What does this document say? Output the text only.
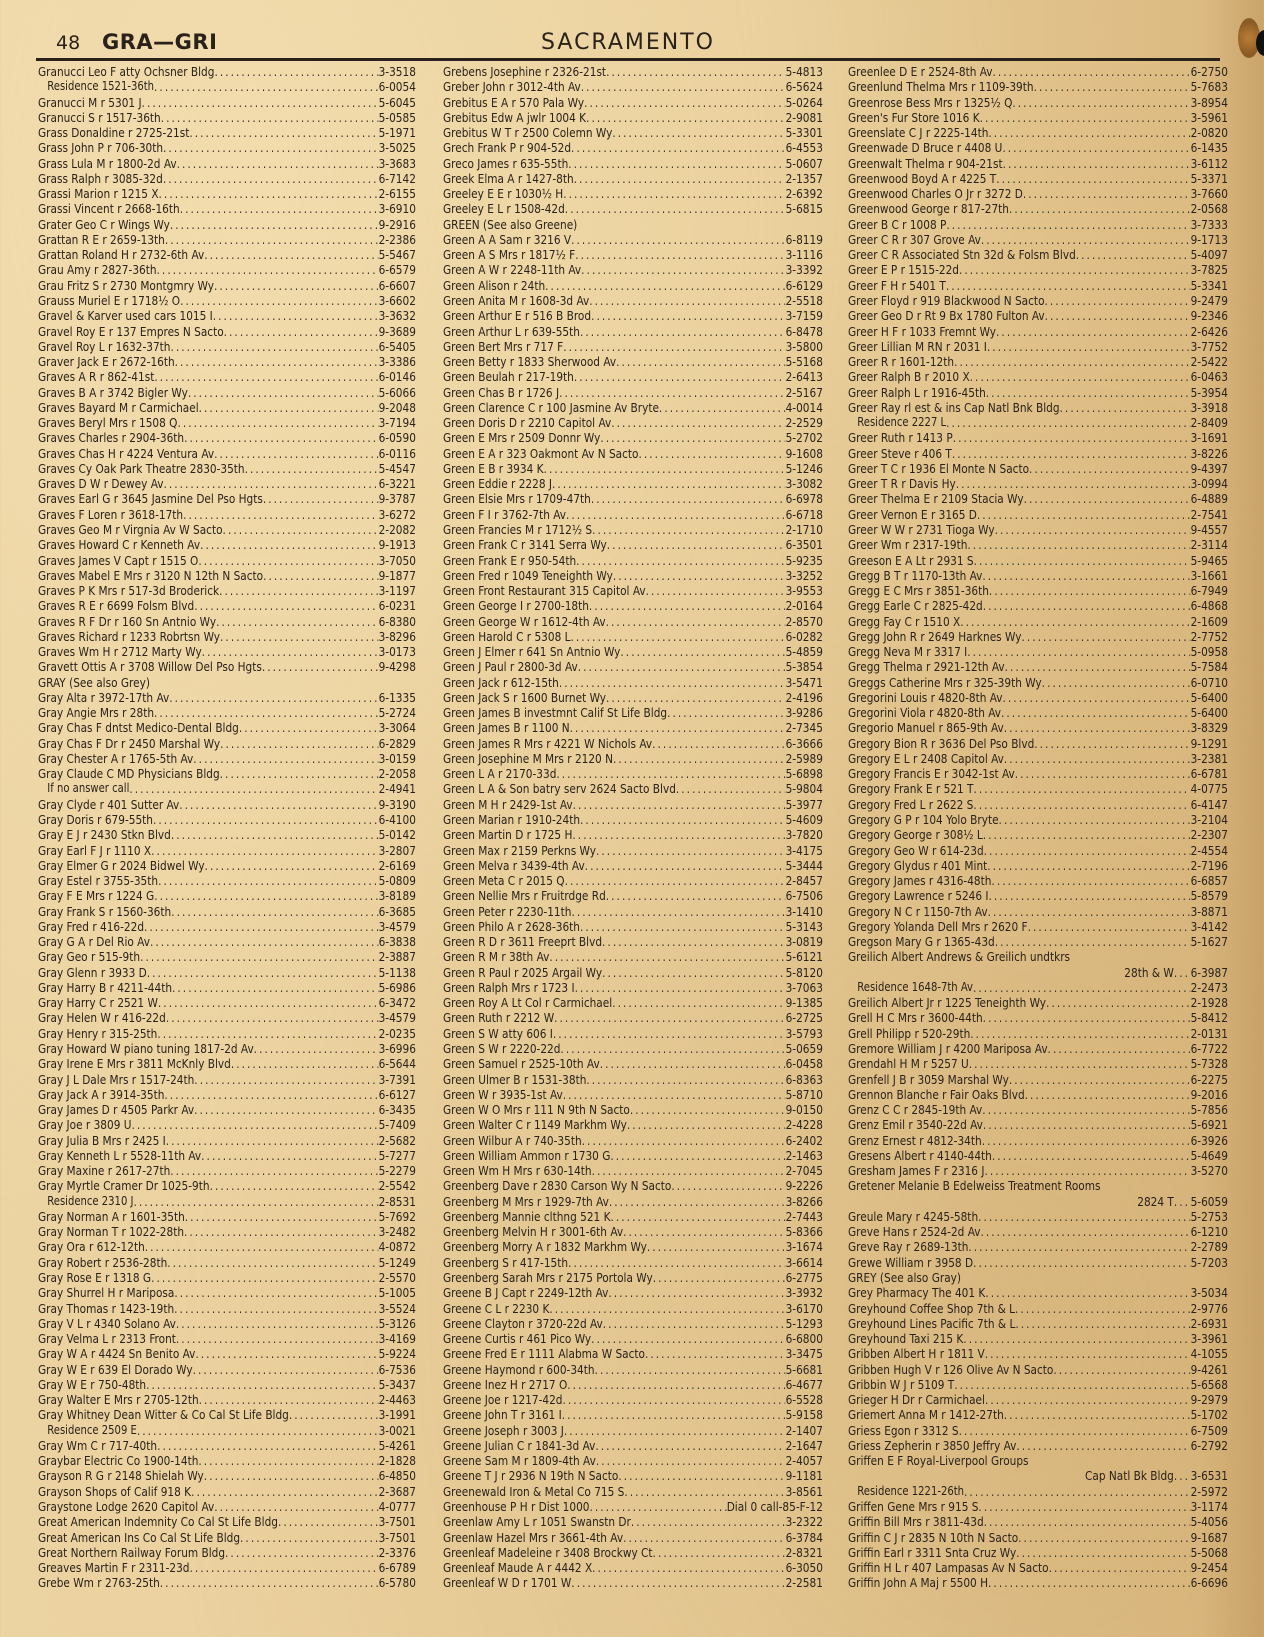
48 GRA—GRI	SACRAMENTO
Granucci Leo F atty Ochsner Bldg .....	3-3518
Residence 1521-36th .....	6-0054
Granucci M r 5301 J .....	5-6045
Granucci S r 1517-36th .....	5-0585
Grass Donaldine r 2725-21st .....	5-1971
Grass John P r 706-30th .....	3-5025
Grass Lula M r 1800-2d Av .....	3-3683
Grass Ralph r 3085-32d .....	6-7142
Grassi Marion r 1215 X .....	2-6155
Grassi Vincent r 2668-16th .....	3-6910
Grater Geo C r Wings Wy .....	9-2916
Grattan R E r 2659-13th .....	2-2386
Grattan Roland H r 2732-6th Av .....	5-5467
Grau Amy r 2827-36th .....	6-6579
Grau Fritz S r 2730 Montgmry Wy .....	6-6607
Grauss Muriel E r 1718½ O .....	3-6602
Gravel & Karver used cars 1015 I .....	3-3632
Gravel Roy E r 137 Empres N Sacto .....	9-3689
Gravel Roy L r 1632-37th .....	6-5405
Graver Jack E r 2672-16th .....	3-3386
Graves A R r 862-41st .....	6-0146
Graves B A r 3742 Bigler Wy .....	5-6066
Graves Bayard M r Carmichael .....	9-2048
Graves Beryl Mrs r 1508 Q .....	3-7194
Graves Charles r 2904-36th .....	6-0590
Graves Chas H r 4224 Ventura Av .....	6-0116
Graves Cy Oak Park Theatre 2830-35th .....	5-4547
Graves D W r Dewey Av .....	6-3221
Graves Earl G r 3645 Jasmine Del Pso Hgts .....	9-3787
Graves F Loren r 3618-17th .....	3-6272
Graves Geo M r Virgnia Av W Sacto .....	2-2082
Graves Howard C r Kenneth Av .....	9-1913
Graves James V Capt r 1515 O .....	3-7050
Graves Mabel E Mrs r 3120 N 12th N Sacto .....	9-1877
Graves P K Mrs r 517-3d Broderick .....	3-1197
Graves R E r 6699 Folsm Blvd .....	6-0231
Graves R F Dr r 160 Sn Antnio Wy .....	6-8380
Graves Richard r 1233 Robrtsn Wy .....	3-8296
Graves Wm H r 2712 Marty Wy .....	3-0173
Gravett Ottis A r 3708 Willow Del Pso Hgts .....	9-4298
GRAY (See also Grey)
Gray Alta r 3972-17th Av .....	6-1335
Gray Angie Mrs r 28th .....	5-2724
Gray Chas F dntst Medico-Dental Bldg .....	3-3064
Gray Chas F Dr r 2450 Marshal Wy .....	6-2829
Gray Chester A r 1765-5th Av .....	3-0159
Gray Claude C MD Physicians Bldg .....	2-2058
If no answer call .....	2-4941
Gray Clyde r 401 Sutter Av .....	9-3190
Gray Doris r 679-55th .....	6-4100
Gray E J r 2430 Stkn Blvd .....	5-0142
Gray Earl F J r 1110 X .....	3-2807
Gray Elmer G r 2024 Bidwel Wy .....	2-6169
Gray Estel r 3755-35th .....	5-0809
Gray F E Mrs r 1224 G .....	3-8189
Gray Frank S r 1560-36th .....	6-3685
Gray Fred r 416-22d .....	3-4579
Gray G A r Del Rio Av .....	6-3838
Gray Geo r 515-9th .....	2-3887
Gray Glenn r 3933 D .....	5-1138
Gray Harry B r 4211-44th .....	5-6986
Gray Harry C r 2521 W .....	6-3472
Gray Helen W r 416-22d .....	3-4579
Gray Henry r 315-25th .....	2-0235
Gray Howard W piano tuning 1817-2d Av .....	3-6996
Gray Irene E Mrs r 3811 McKnly Blvd .....	6-5644
Gray J L Dale Mrs r 1517-24th .....	3-7391
Gray Jack A r 3914-35th .....	6-6127
Gray James D r 4505 Parkr Av .....	6-3435
Gray Joe r 3809 U .....	5-7409
Gray Julia B Mrs r 2425 I .....	2-5682
Gray Kenneth L r 5528-11th Av .....	5-7277
Gray Maxine r 2617-27th .....	5-2279
Gray Myrtle Cramer Dr 1025-9th .....	2-5542
Residence 2310 J .....	2-8531
Gray Norman A r 1601-35th .....	5-7692
Gray Norman T r 1022-28th .....	3-2482
Gray Ora r 612-12th .....	4-0872
Gray Robert r 2536-28th .....	5-1249
Gray Rose E r 1318 G .....	2-5570
Gray Shurrel H r Mariposa .....	5-1005
Gray Thomas r 1423-19th .....	3-5524
Gray V L r 4340 Solano Av .....	5-3126
Gray Velma L r 2313 Front .....	3-4169
Gray W A r 4424 Sn Benito Av .....	5-9224
Gray W E r 639 El Dorado Wy .....	6-7536
Gray W E r 750-48th .....	5-3437
Gray Walter E Mrs r 2705-12th .....	2-4463
Gray Whitney Dean Witter & Co Cal St Life Bldg .....	3-1991
Residence 2509 E .....	3-0021
Gray Wm C r 717-40th .....	5-4261
Graybar Electric Co 1900-14th .....	2-1828
Grayson R G r 2148 Shielah Wy .....	6-4850
Grayson Shops of Calif 918 K .....	2-3687
Graystone Lodge 2620 Capitol Av .....	4-0777
Great American Indemnity Co Cal St Life Bldg .....	3-7501
Great American Ins Co Cal St Life Bldg .....	3-7501
Great Northern Railway Forum Bldg .....	2-3376
Greaves Martin F r 2311-23d .....	6-6789
Grebe Wm r 2763-25th .....	6-5780
Grebens Josephine r 2326-21st .....	5-4813
Greber John r 3012-4th Av .....	6-5624
Grebitus E A r 570 Pala Wy .....	5-0264
Grebitus Edw A jwlr 1004 K .....	2-9081
Grebitus W T r 2500 Colemn Wy .....	5-3301
Grech Frank P r 904-52d .....	6-4553
Greco James r 635-55th .....	5-0607
Greek Elma A r 1427-8th .....	2-1357
Greeley E E r 1030½ H .....	2-6392
Greeley E L r 1508-42d .....	5-6815
GREEN (See also Greene)
Green A A Sam r 3216 V .....	6-8119
Green A S Mrs r 1817½ F .....	3-1116
Green A W r 2248-11th Av .....	3-3392
Green Alison r 24th .....	6-6129
Green Anita M r 1608-3d Av .....	2-5518
Green Arthur E r 516 B Brod .....	3-7159
Green Arthur L r 639-55th .....	6-8478
Green Bert Mrs r 717 F .....	3-5800
Green Betty r 1833 Sherwood Av .....	5-5168
Green Beulah r 217-19th .....	2-6413
Green Chas B r 1726 J .....	2-5167
Green Clarence C r 100 Jasmine Av Bryte .....	4-0014
Green Doris D r 2210 Capitol Av .....	2-2529
Green E Mrs r 2509 Donnr Wy .....	5-2702
Green E A r 323 Oakmont Av N Sacto .....	9-1608
Green E B r 3934 K .....	5-1246
Green Eddie r 2228 J .....	3-3082
Green Elsie Mrs r 1709-47th .....	6-6978
Green F I r 3762-7th Av .....	6-6718
Green Francies M r 1712½ S .....	2-1710
Green Frank C r 3141 Serra Wy .....	6-3501
Green Frank E r 950-54th .....	5-9235
Green Fred r 1049 Teneighth Wy .....	3-3252
Green Front Restaurant 315 Capitol Av .....	3-9553
Green George I r 2700-18th .....	2-0164
Green George W r 1612-4th Av .....	2-8570
Green Harold C r 5308 L .....	6-0282
Green J Elmer r 641 Sn Antnio Wy .....	5-4859
Green J Paul r 2800-3d Av .....	5-3854
Green Jack r 612-15th .....	3-5471
Green Jack S r 1600 Burnet Wy .....	2-4196
Green James B investmnt Calif St Life Bldg .....	3-9286
Green James B r 1100 N .....	2-7345
Green James R Mrs r 4221 W Nichols Av .....	6-3666
Green Josephine M Mrs r 2120 N .....	2-5989
Green L A r 2170-33d .....	5-6898
Green L A & Son batry serv 2624 Sacto Blvd .....	5-9804
Green M H r 2429-1st Av .....	5-3977
Green Marian r 1910-24th .....	5-4609
Green Martin D r 1725 H .....	3-7820
Green Max r 2159 Perkns Wy .....	3-4175
Green Melva r 3439-4th Av .....	5-3444
Green Meta C r 2015 Q .....	2-8457
Green Nellie Mrs r Fruitrdge Rd .....	6-7506
Green Peter r 2230-11th .....	3-1410
Green Philo A r 2628-36th .....	5-3143
Green R D r 3611 Freeprt Blvd .....	3-0819
Green R M r 38th Av .....	5-6121
Green R Paul r 2025 Argail Wy .....	5-8120
Green Ralph Mrs r 1723 I .....	3-7063
Green Roy A Lt Col r Carmichael .....	9-1385
Green Ruth r 2212 W .....	6-2725
Green S W atty 606 I .....	3-5793
Green S W r 2220-22d .....	5-0659
Green Samuel r 2525-10th Av .....	6-0458
Green Ulmer B r 1531-38th .....	6-8363
Green W r 3935-1st Av .....	5-8710
Green W O Mrs r 111 N 9th N Sacto .....	9-0150
Green Walter C r 1149 Markhm Wy .....	2-4228
Green Wilbur A r 740-35th .....	6-2402
Green William Ammon r 1730 G .....	2-1463
Green Wm H Mrs r 630-14th .....	2-7045
Greenberg Dave r 2830 Carson Wy N Sacto .....	9-2226
Greenberg M Mrs r 1929-7th Av .....	3-8266
Greenberg Mannie clthng 521 K .....	2-7443
Greenberg Melvin H r 3001-6th Av .....	5-8366
Greenberg Morry A r 1832 Markhm Wy .....	3-1674
Greenberg S r 417-15th .....	3-6614
Greenberg Sarah Mrs r 2175 Portola Wy .....	6-2775
Greene B J Capt r 2249-12th Av .....	3-3932
Greene C L r 2230 K .....	3-6170
Greene Clayton r 3720-22d Av .....	5-1293
Greene Curtis r 461 Pico Wy .....	6-6800
Greene Fred E r 1111 Alabma W Sacto .....	3-3475
Greene Haymond r 600-34th .....	5-6681
Greene Inez H r 2717 O .....	6-4677
Greene Joe r 1217-42d .....	6-5528
Greene John T r 3161 I .....	5-9158
Greene Joseph r 3003 J .....	2-1407
Greene Julian C r 1841-3d Av .....	2-1647
Greene Sam M r 1809-4th Av .....	2-4057
Greene T J r 2936 N 19th N Sacto .....	9-1181
Greenewald Iron & Metal Co 715 S .....	3-8561
Greenhouse P H r Dist 1000 .....	Dial 0 call-85-F-12
Greenlaw Amy L r 1051 Swanstn Dr .....	3-2322
Greenlaw Hazel Mrs r 3661-4th Av .....	6-3784
Greenleaf Madeleine r 3408 Brockwy Ct .....	2-8321
Greenleaf Maude A r 4442 X .....	6-3050
Greenleaf W D r 1701 W .....	2-2581
Greenlee D E r 2524-8th Av .....	6-2750
Greenlund Thelma Mrs r 1109-39th .....	5-7683
Greenrose Bess Mrs r 1325½ Q .....	3-8954
Green's Fur Store 1016 K .....	3-5961
Greenslate C J r 2225-14th .....	2-0820
Greenwade D Bruce r 4408 U .....	6-1435
Greenwalt Thelma r 904-21st .....	3-6112
Greenwood Boyd A r 4225 T .....	5-3371
Greenwood Charles O Jr r 3272 D .....	3-7660
Greenwood George r 817-27th .....	2-0568
Greer B C r 1008 P .....	3-7333
Greer C R r 307 Grove Av .....	9-1713
Greer C R Associated Stn 32d & Folsm Blvd .....	5-4097
Greer E P r 1515-22d .....	3-7825
Greer F H r 5401 T .....	5-3341
Greer Floyd r 919 Blackwood N Sacto .....	9-2479
Greer Geo D r Rt 9 Bx 1780 Fulton Av .....	9-2346
Greer H F r 1033 Fremnt Wy .....	2-6426
Greer Lillian M RN r 2031 I .....	3-7752
Greer R r 1601-12th .....	2-5422
Greer Ralph B r 2010 X .....	6-0463
Greer Ralph L r 1916-45th .....	5-3954
Greer Ray rl est & ins Cap Natl Bnk Bldg .....	3-3918
Residence 2227 L .....	2-8409
Greer Ruth r 1413 P .....	3-1691
Greer Steve r 406 T .....	3-8226
Greer T C r 1936 El Monte N Sacto .....	9-4397
Greer T R r Davis Hy .....	3-0994
Greer Thelma E r 2109 Stacia Wy .....	6-4889
Greer Vernon E r 3165 D .....	2-7541
Greer W W r 2731 Tioga Wy .....	9-4557
Greer Wm r 2317-19th .....	2-3114
Greeson E A Lt r 2931 S .....	5-9465
Gregg B T r 1170-13th Av .....	3-1661
Gregg E C Mrs r 3851-36th .....	6-7949
Gregg Earle C r 2825-42d .....	6-4868
Gregg Fay C r 1510 X .....	2-1609
Gregg John R r 2649 Harknes Wy .....	2-7752
Gregg Neva M r 3317 I .....	5-0958
Gregg Thelma r 2921-12th Av .....	5-7584
Greggs Catherine Mrs r 325-39th Wy .....	6-0710
Gregorini Louis r 4820-8th Av .....	5-6400
Gregorini Viola r 4820-8th Av .....	5-6400
Gregorio Manuel r 865-9th Av .....	3-8329
Gregory Bion R r 3636 Del Pso Blvd .....	9-1291
Gregory E L r 2408 Capitol Av .....	3-2381
Gregory Francis E r 3042-1st Av .....	6-6781
Gregory Frank E r 521 T .....	4-0775
Gregory Fred L r 2622 S .....	6-4147
Gregory G P r 104 Yolo Bryte .....	3-2104
Gregory George r 308½ L .....	2-2307
Gregory Geo W r 614-23d .....	2-4554
Gregory Glydus r 401 Mint .....	2-7196
Gregory James r 4316-48th .....	6-6857
Gregory Lawrence r 5246 I .....	5-8579
Gregory N C r 1150-7th Av .....	3-8871
Gregory Yolanda Dell Mrs r 2620 F .....	3-4142
Gregson Mary G r 1365-43d .....	5-1627
Greilich Albert Andrews & Greilich undtkrs
28th & W ..... 6-3987
Residence 1648-7th Av .....	2-2473
Greilich Albert Jr r 1225 Teneighth Wy .....	2-1928
Grell H C Mrs r 3600-44th .....	5-8412
Grell Philipp r 520-29th .....	2-0131
Gremore William J r 4200 Mariposa Av .....	6-7722
Grendahl H M r 5257 U .....	5-7328
Grenfell J B r 3059 Marshal Wy .....	6-2275
Grennon Blanche r Fair Oaks Blvd .....	9-2016
Grenz C C r 2845-19th Av .....	5-7856
Grenz Emil r 3540-22d Av .....	5-6921
Grenz Ernest r 4812-34th .....	6-3926
Gresens Albert r 4140-44th .....	5-4649
Gresham James F r 2316 J .....	3-5270
Gretener Melanie B Edelweiss Treatment Rooms
2824 T ..... 5-6059
Greule Mary r 4245-58th .....	5-2753
Greve Hans r 2524-2d Av .....	6-1210
Greve Ray r 2689-13th .....	2-2789
Grewe William r 3958 D .....	5-7203
GREY (See also Gray)
Grey Pharmacy The 401 K .....	3-5034
Greyhound Coffee Shop 7th & L .....	2-9776
Greyhound Lines Pacific 7th & L .....	2-6931
Greyhound Taxi 215 K .....	3-3961
Gribben Albert H r 1811 V .....	4-1055
Gribben Hugh V r 126 Olive Av N Sacto .....	9-4261
Gribbin W J r 5109 T .....	5-6568
Grieger H Dr r Carmichael .....	9-2979
Griemert Anna M r 1412-27th .....	5-1702
Griess Egon r 3312 S .....	6-7509
Griess Zepherin r 3850 Jeffry Av .....	6-2792
Griffen E F Royal-Liverpool Groups
Cap Natl Bk Bldg ..... 3-6531
Residence 1221-26th .....	2-5972
Griffen Gene Mrs r 915 S .....	3-1174
Griffin Bill Mrs r 3811-43d .....	5-4056
Griffin C J r 2835 N 10th N Sacto .....	9-1687
Griffin Earl r 3311 Snta Cruz Wy .....	5-5068
Griffin H L r 407 Lampasas Av N Sacto .....	9-2454
Griffin John A Maj r 5500 H .....	6-6696
